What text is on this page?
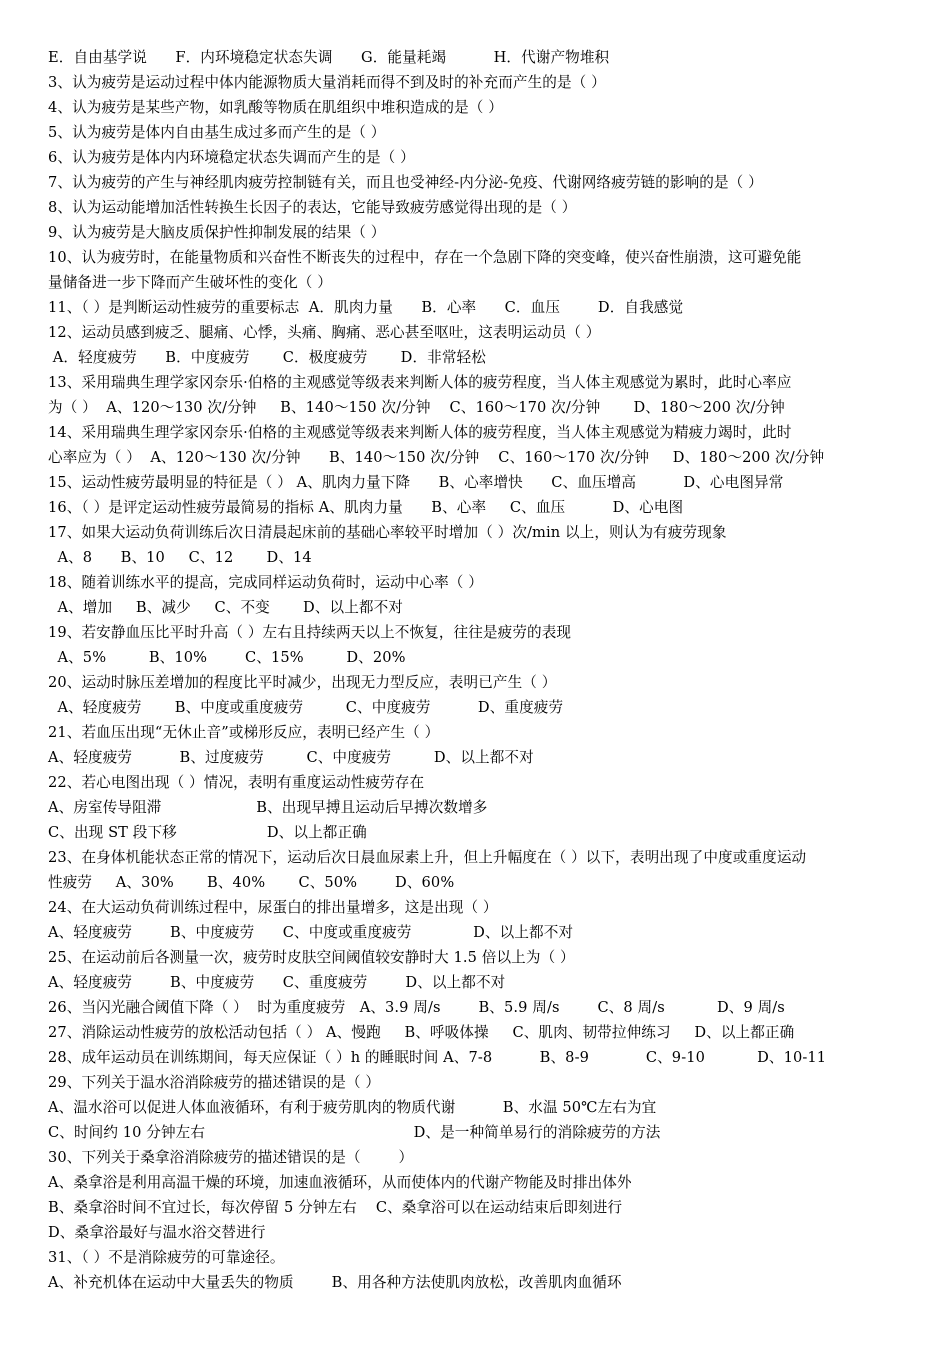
E．自由基学说      F．内环境稳定状态失调      G．能量耗竭          H．代谢产物堆积
3、认为疲劳是运动过程中体内能源物质大量消耗而得不到及时的补充而产生的是（ ）
4、认为疲劳是某些产物，如乳酸等物质在肌组织中堆积造成的是（ ）
5、认为疲劳是体内自由基生成过多而产生的是（ ）
6、认为疲劳是体内内环境稳定状态失调而产生的是（ ）
7、认为疲劳的产生与神经肌肉疲劳控制链有关，而且也受神经-内分泌-免疫、代谢网络疲劳链的影响的是（ ）
8、认为运动能增加活性转换生长因子的表达，它能导致疲劳感觉得出现的是（ ）
9、认为疲劳是大脑皮质保护性抑制发展的结果（ ）
10、认为疲劳时，在能量物质和兴奋性不断丧失的过程中，存在一个急剧下降的突变峰，使兴奋性崩溃，这可避免能
量储备进一步下降而产生破坏性的变化（ ）
11、（ ）是判断运动性疲劳的重要标志  A．肌肉力量      B．心率      C．血压        D．自我感觉
12、运动员感到疲乏、腿痛、心悸，头痛、胸痛、恶心甚至呕吐，这表明运动员（ ）
A．轻度疲劳      B．中度疲劳       C．极度疲劳       D．非常轻松
13、采用瑞典生理学家冈奈乐·伯格的主观感觉等级表来判断人体的疲劳程度，当人体主观感觉为累时，此时心率应
为（ ）  A、120～130 次/分钟     B、140～150 次/分钟    C、160～170 次/分钟       D、180～200 次/分钟
14、采用瑞典生理学家冈奈乐·伯格的主观感觉等级表来判断人体的疲劳程度，当人体主观感觉为精疲力竭时，此时
心率应为（ ）  A、120～130 次/分钟      B、140～150 次/分钟    C、160～170 次/分钟     D、180～200 次/分钟
15、运动性疲劳最明显的特征是（ ） A、肌肉力量下降      B、心率增快      C、血压增高          D、心电图异常
16、（ ）是评定运动性疲劳最简易的指标 A、肌肉力量      B、心率     C、血压          D、心电图
17、如果大运动负荷训练后次日清晨起床前的基础心率较平时增加（ ）次/min 以上，则认为有疲劳现象
A、8      B、10     C、12       D、14
18、随着训练水平的提高，完成同样运动负荷时，运动中心率（ ）
A、增加     B、减少     C、不变       D、以上都不对
19、若安静血压比平时升高（ ）左右且持续两天以上不恢复，往往是疲劳的表现
A、5%         B、10%        C、15%         D、20%
20、运动时脉压差增加的程度比平时减少，出现无力型反应，表明已产生（ ）
A、轻度疲劳       B、中度或重度疲劳         C、中度疲劳          D、重度疲劳
21、若血压出现“无休止音”或梯形反应，表明已经产生（ ）
A、轻度疲劳          B、过度疲劳         C、中度疲劳         D、以上都不对
22、若心电图出现（ ）情况，表明有重度运动性疲劳存在
A、房室传导阻滞                    B、出现早搏且运动后早搏次数增多
C、出现 ST 段下移                   D、以上都正确
23、在身体机能状态正常的情况下，运动后次日晨血尿素上升，但上升幅度在（ ）以下，表明出现了中度或重度运动
性疲劳     A、30%       B、40%       C、50%        D、60%
24、在大运动负荷训练过程中，尿蛋白的排出量增多，这是出现（ ）
A、轻度疲劳        B、中度疲劳      C、中度或重度疲劳             D、以上都不对
25、在运动前后各测量一次，疲劳时皮肤空间阈值较安静时大 1.5 倍以上为（ ）
A、轻度疲劳        B、中度疲劳      C、重度疲劳        D、以上都不对
26、当闪光融合阈值下降（ ）  时为重度疲劳   A、3.9 周/s        B、5.9 周/s        C、8 周/s           D、9 周/s
27、消除运动性疲劳的放松活动包括（ ） A、慢跑     B、呼吸体操     C、肌肉、韧带拉伸练习     D、以上都正确
28、成年运动员在训练期间，每天应保证（ ）h 的睡眠时间 A、7-8          B、8-9            C、9-10           D、10-11
29、下列关于温水浴消除疲劳的描述错误的是（ ）
A、温水浴可以促进人体血液循环，有利于疲劳肌肉的物质代谢          B、水温 50℃左右为宜
C、时间约 10 分钟左右                                            D、是一种简单易行的消除疲劳的方法
30、下列关于桑拿浴消除疲劳的描述错误的是（        ）
A、桑拿浴是利用高温干燥的环境，加速血液循环，从而使体内的代谢产物能及时排出体外
B、桑拿浴时间不宜过长，每次停留 5 分钟左右    C、桑拿浴可以在运动结束后即刻进行
D、桑拿浴最好与温水浴交替进行
31、（ ）不是消除疲劳的可靠途径。
A、补充机体在运动中大量丢失的物质        B、用各种方法使肌肉放松，改善肌肉血循环
